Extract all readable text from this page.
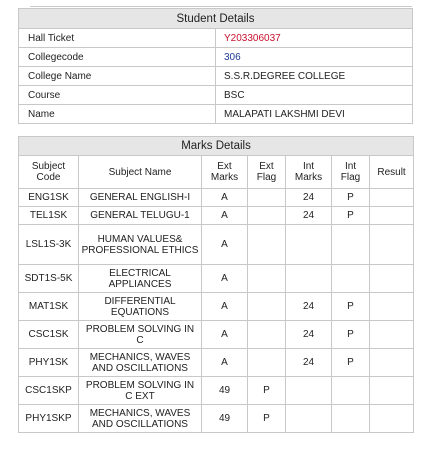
Student Details	
Hall Ticket	Y203306037
Collegecode	306
College Name	S.S.R.DEGREE COLLEGE
Course	BSC
Name	MALAPATI LAKSHMI DEVI
Marks Details						
Subject Code	Subject Name	Ext Marks	Ext Flag	Int Marks	Int Flag	Result
ENG1SK	GENERAL ENGLISH-I	A		24	P	
TEL1SK	GENERAL TELUGU-1	A		24	P	
LSL1S-3K	HUMAN VALUES& PROFESSIONAL ETHICS	A				
SDT1S-5K	ELECTRICAL APPLIANCES	A				
MAT1SK	DIFFERENTIAL EQUATIONS	A		24	P	
CSC1SK	PROBLEM SOLVING IN C	A		24	P	
PHY1SK	MECHANICS, WAVES AND OSCILLATIONS	A		24	P	
CSC1SKP	PROBLEM SOLVING IN C EXT	49	P			
PHY1SKP	MECHANICS, WAVES AND OSCILLATIONS	49	P			
